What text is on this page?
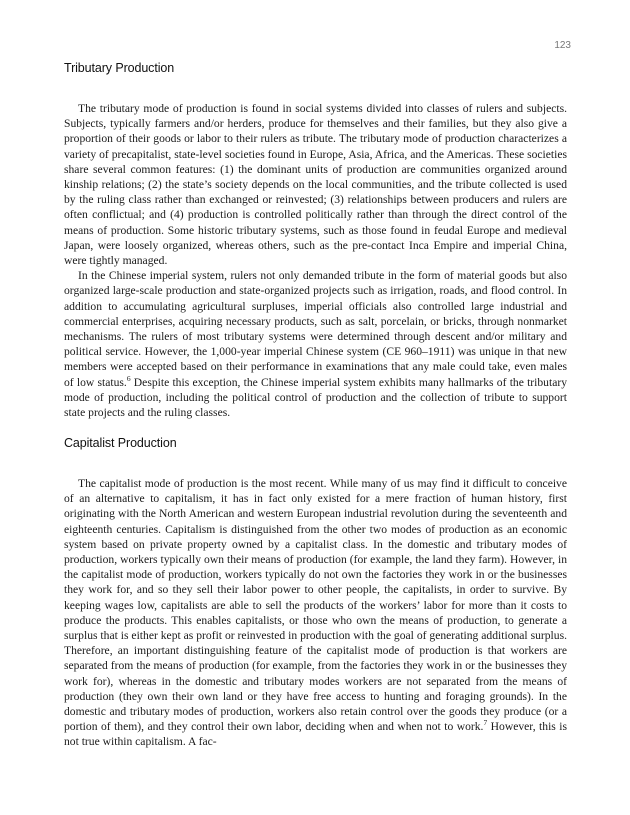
123
Tributary Production

The tributary mode of production is found in social systems divided into classes of rulers and subjects. Subjects, typically farmers and/or herders, produce for themselves and their families, but they also give a proportion of their goods or labor to their rulers as tribute. The tributary mode of production characterizes a variety of precapitalist, state-level societies found in Europe, Asia, Africa, and the Americas. These societies share several common features: (1) the dominant units of production are communities organized around kinship relations; (2) the state’s society depends on the local communities, and the tribute collected is used by the ruling class rather than exchanged or reinvested; (3) relationships between producers and rulers are often conflictual; and (4) production is controlled politically rather than through the direct control of the means of production. Some historic tributary systems, such as those found in feudal Europe and medieval Japan, were loosely organized, whereas others, such as the pre-contact Inca Empire and imperial China, were tightly managed.

In the Chinese imperial system, rulers not only demanded tribute in the form of material goods but also organized large-scale production and state-organized projects such as irrigation, roads, and flood control. In addition to accumulating agricultural surpluses, imperial officials also controlled large industrial and commercial enterprises, acquiring necessary products, such as salt, porcelain, or bricks, through nonmarket mechanisms. The rulers of most tributary systems were determined through descent and/or military and political service. However, the 1,000-year imperial Chinese system (CE 960–1911) was unique in that new members were accepted based on their performance in examinations that any male could take, even males of low status.$^6$ Despite this exception, the Chinese imperial system exhibits many hallmarks of the tributary mode of production, including the political control of production and the collection of tribute to support state projects and the ruling classes.

Capitalist Production

The capitalist mode of production is the most recent. While many of us may find it difficult to conceive of an alternative to capitalism, it has in fact only existed for a mere fraction of human history, first originating with the North American and western European industrial revolution during the seventeenth and eighteenth centuries. Capitalism is distinguished from the other two modes of production as an economic system based on private property owned by a capitalist class. In the domestic and tributary modes of production, workers typically own their means of production (for example, the land they farm). However, in the capitalist mode of production, workers typically do not own the factories they work in or the businesses they work for, and so they sell their labor power to other people, the capitalists, in order to survive. By keeping wages low, capitalists are able to sell the products of the workers’ labor for more than it costs to produce the products. This enables capitalists, or those who own the means of production, to generate a surplus that is either kept as profit or reinvested in production with the goal of generating additional surplus. Therefore, an important distinguishing feature of the capitalist mode of production is that workers are separated from the means of production (for example, from the factories they work in or the businesses they work for), whereas in the domestic and tributary modes workers are not separated from the means of production (they own their own land or they have free access to hunting and foraging grounds). In the domestic and tributary modes of production, workers also retain control over the goods they produce (or a portion of them), and they control their own labor, deciding when and when not to work.$^7$ However, this is not true within capitalism. A fac-
